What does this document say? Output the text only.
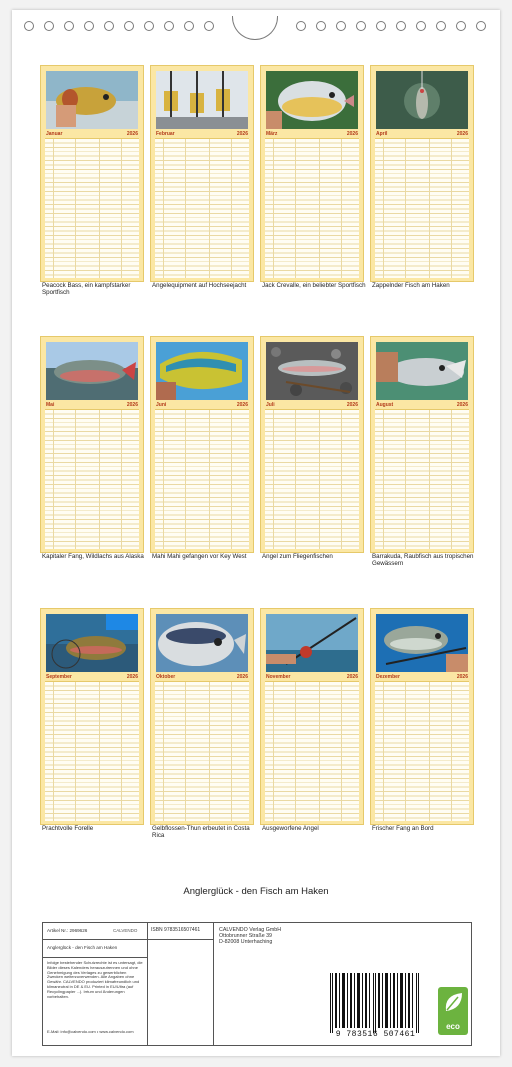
Januar	2026	Februar	2026	März	2026	April	2026
Mai	2026	Juni	2026	Juli	2026	August	2026
September	2026	Oktober	2026	November	2026	Dezember	2026
Peacock Bass, ein kampfstarker Sportfisch
Angelequipment auf Hochseejacht	Jack Crevalle, ein beliebter Sportfisch	Zappelnder Fisch am Haken
Kapitaler Fang, Wildlachs aus Alaska	Mahi Mahi gefangen vor Key West	Angel zum Fliegenfischen	Barrakuda, Raubfisch aus tropischen Gewässern
Prachtvolle Forelle	Gelbflossen-Thun erbeutet in Costa Rica
Ausgeworfene Angel	Frischer Fang an Bord
Anglerglück - den Fisch am Haken
Artikel Nr.: 2969626	CALVENDO
Anglerglück - den Fisch am Haken
Infolge bestehender Schutzrechte ist es untersagt, die Bilder dieses Kalenders herauszutrennen und ohne Genehmigung des Verlages zu gewerblichen Zwecken weiterzuverwenden. Alle Angaben ohne Gewähr. CALVENDO produziert klimafreundlich und klimaneutral in DE & EU. Printed in EU/Ultra (auf Recyclingpapier ...). Irrtum und Änderungen vorbehalten.
E-Mail: info@calvendo.com • www.calvendo.com
ISBN 9783516507461	CALVENDO Verlag GmbH
Ottobrunner Straße 39
D-82008 Unterhaching
9 783516 507461
eco
